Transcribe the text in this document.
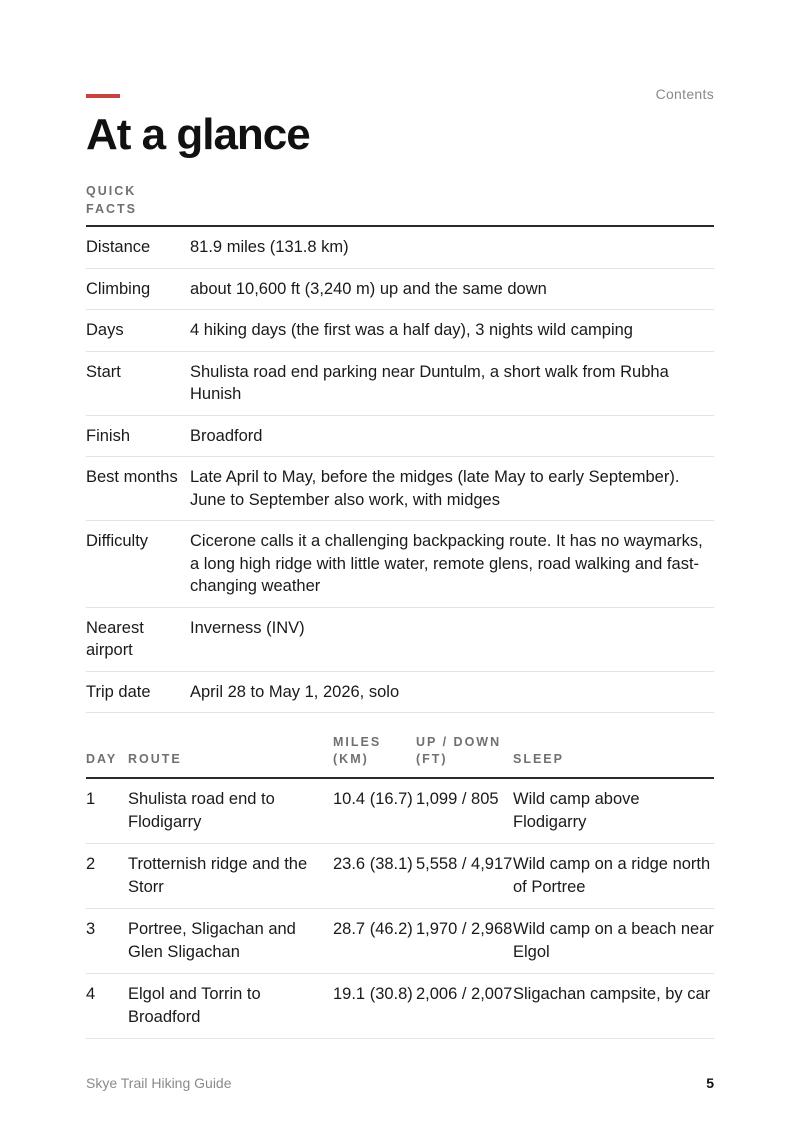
Contents
At a glance
QUICK FACTS
Distance	81.9 miles (131.8 km)
Climbing	about 10,600 ft (3,240 m) up and the same down
Days	4 hiking days (the first was a half day), 3 nights wild camping
Start	Shulista road end parking near Duntulm, a short walk from Rubha Hunish
Finish	Broadford
Best months	Late April to May, before the midges (late May to early September). June to September also work, with midges
Difficulty	Cicerone calls it a challenging backpacking route. It has no waymarks, a long high ridge with little water, remote glens, road walking and fast-changing weather
Nearest airport	Inverness (INV)
Trip date	April 28 to May 1, 2026, solo
DAY	ROUTE	MILES (KM)	UP / DOWN (FT)	SLEEP
1	Shulista road end to Flodigarry	10.4 (16.7)	1,099 / 805	Wild camp above Flodigarry
2	Trotternish ridge and the Storr	23.6 (38.1)	5,558 / 4,917	Wild camp on a ridge north of Portree
3	Portree, Sligachan and Glen Sligachan	28.7 (46.2)	1,970 / 2,968	Wild camp on a beach near Elgol
4	Elgol and Torrin to Broadford	19.1 (30.8)	2,006 / 2,007	Sligachan campsite, by car
Skye Trail Hiking Guide	5
